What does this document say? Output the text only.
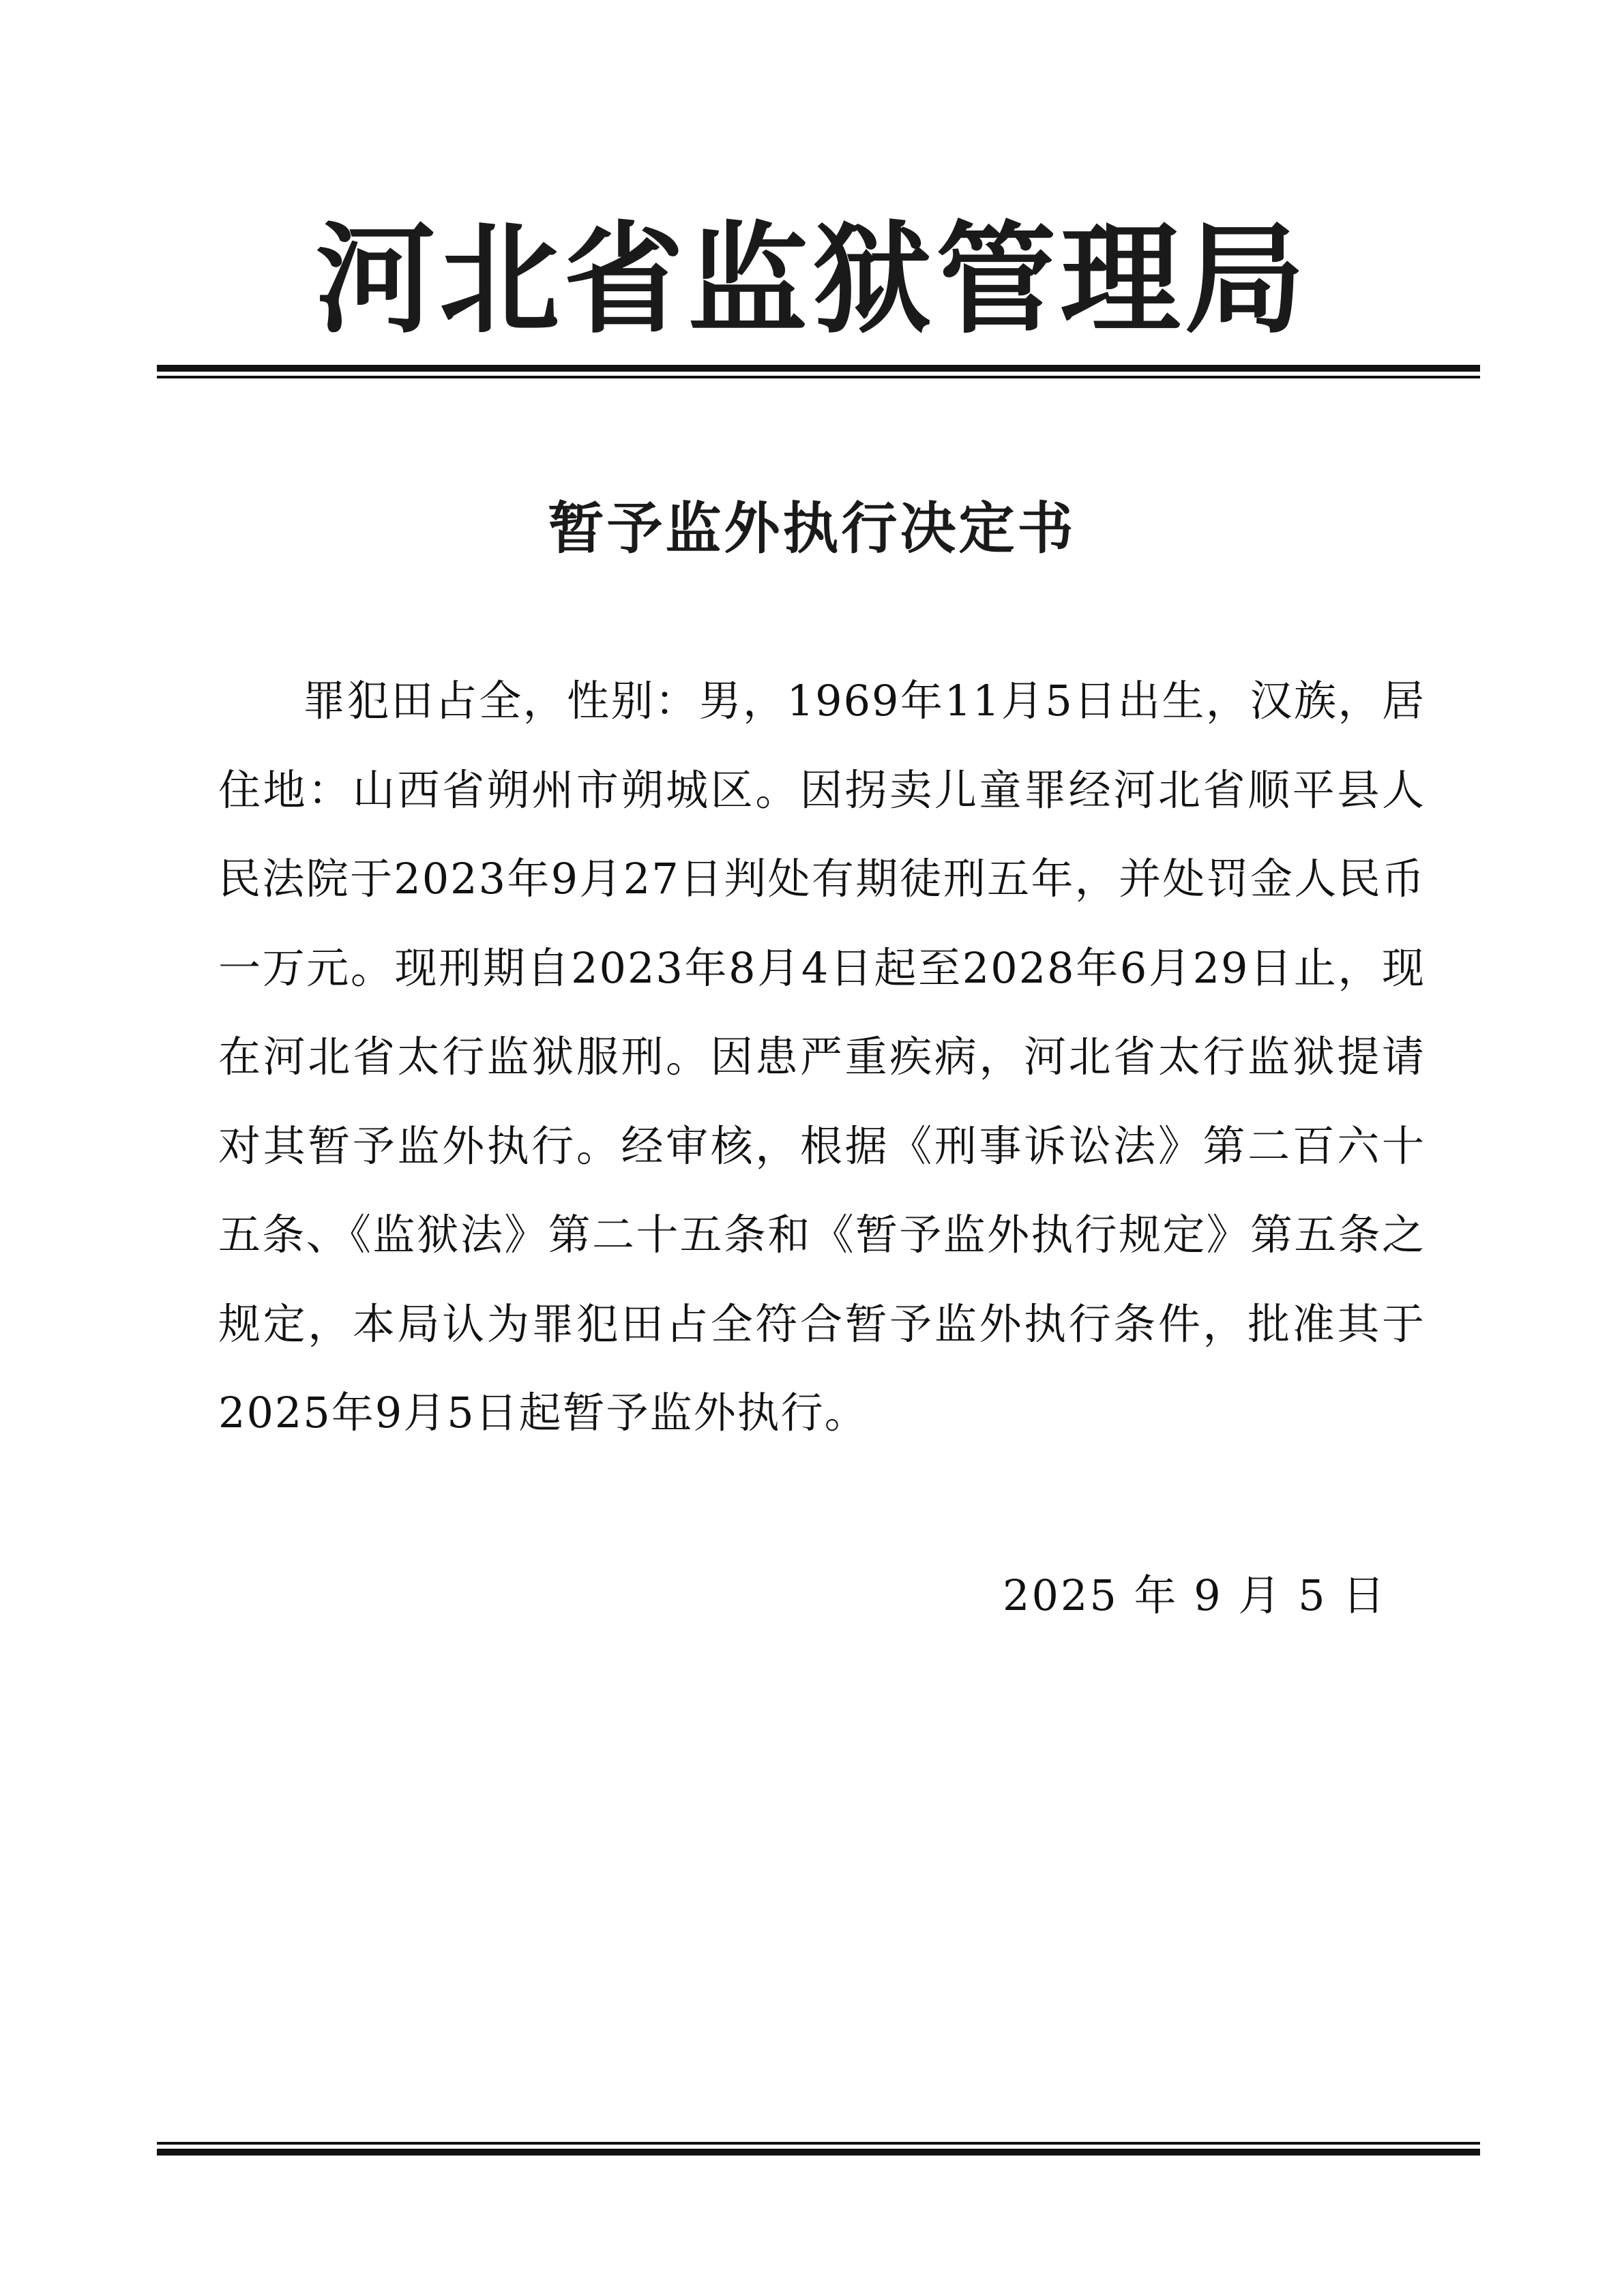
河北省监狱管理局
暂予监外执行决定书

罪犯田占全，性别：男，1969年11月5日出生，汉族，居住地：山西省朔州市朔城区。因拐卖儿童罪经河北省顺平县人民法院于2023年9月27日判处有期徒刑五年，并处罚金人民币一万元。现刑期自2023年8月4日起至2028年6月29日止，现在河北省太行监狱服刑。因患严重疾病，河北省太行监狱提请对其暂予监外执行。经审核，根据《刑事诉讼法》第二百六十五条、《监狱法》第二十五条和《暂予监外执行规定》第五条之规定，本局认为罪犯田占全符合暂予监外执行条件，批准其于2025年9月5日起暂予监外执行。

2025 年 9 月 5 日
